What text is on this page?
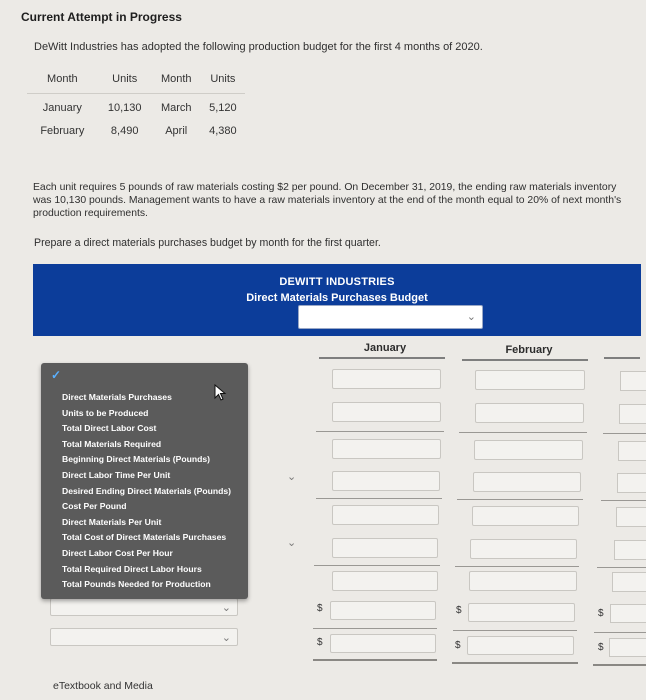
Current Attempt in Progress
DeWitt Industries has adopted the following production budget for the first 4 months of 2020.
Month	Units	Month	Units
January	10,130	March	5,120
February	8,490	April	4,380
Each unit requires 5 pounds of raw materials costing $2 per pound. On December 31, 2019, the ending raw materials inventory was 10,130 pounds. Management wants to have a raw materials inventory at the end of the month equal to 20% of next month's production requirements.
Prepare a direct materials purchases budget by month for the first quarter.
DEWITT INDUSTRIES
Direct Materials Purchases Budget
⌄
January	February
$
$
$
$
$
$
⌄
⌄
⌄
⌄
✓
Direct Materials Purchases
Units to be Produced
Total Direct Labor Cost
Total Materials Required
Beginning Direct Materials (Pounds)
Direct Labor Time Per Unit
Desired Ending Direct Materials (Pounds)
Cost Per Pound
Direct Materials Per Unit
Total Cost of Direct Materials Purchases
Direct Labor Cost Per Hour
Total Required Direct Labor Hours
Total Pounds Needed for Production
eTextbook and Media
